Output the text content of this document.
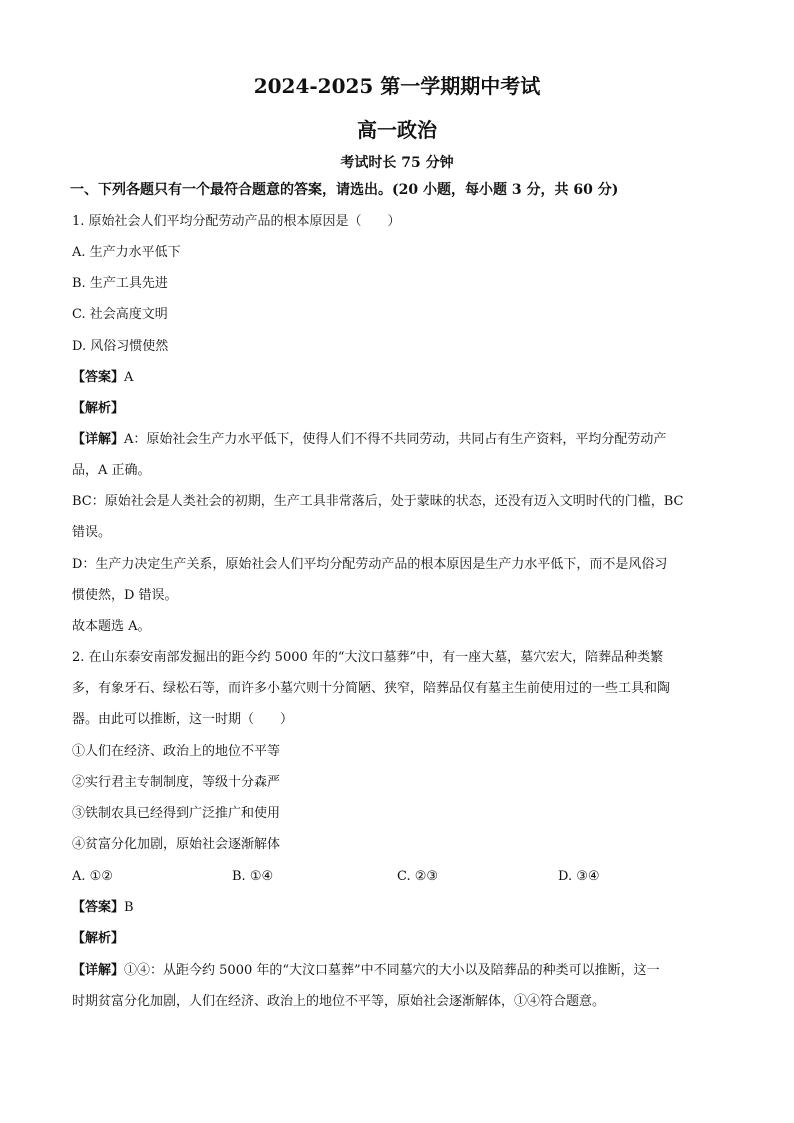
2024-2025 第一学期期中考试
高一政治
考试时长 75 分钟
一、下列各题只有一个最符合题意的答案，请选出。(20 小题，每小题 3 分，共 60 分)
1. 原始社会人们平均分配劳动产品的根本原因是（　　）
A. 生产力水平低下
B. 生产工具先进
C. 社会高度文明
D. 风俗习惯使然
【答案】A
【解析】
【详解】A：原始社会生产力水平低下，使得人们不得不共同劳动，共同占有生产资料，平均分配劳动产
品，A 正确。
BC：原始社会是人类社会的初期，生产工具非常落后，处于蒙昧的状态，还没有迈入文明时代的门槛，BC
错误。
D：生产力决定生产关系，原始社会人们平均分配劳动产品的根本原因是生产力水平低下，而不是风俗习
惯使然，D 错误。
故本题选 A。
2. 在山东泰安南部发掘出的距今约 5000 年的“大汶口墓葬”中，有一座大墓，墓穴宏大，陪葬品种类繁
多，有象牙石、绿松石等，而许多小墓穴则十分简陋、狭窄，陪葬品仅有墓主生前使用过的一些工具和陶
器。由此可以推断，这一时期（　　）
①人们在经济、政治上的地位不平等
②实行君主专制制度，等级十分森严
③铁制农具已经得到广泛推广和使用
④贫富分化加剧，原始社会逐渐解体
A. ①②	B. ①④	C. ②③	D. ③④
【答案】B
【解析】
【详解】①④：从距今约 5000 年的“大汶口墓葬”中不同墓穴的大小以及陪葬品的种类可以推断，这一
时期贫富分化加剧，人们在经济、政治上的地位不平等，原始社会逐渐解体，①④符合题意。
